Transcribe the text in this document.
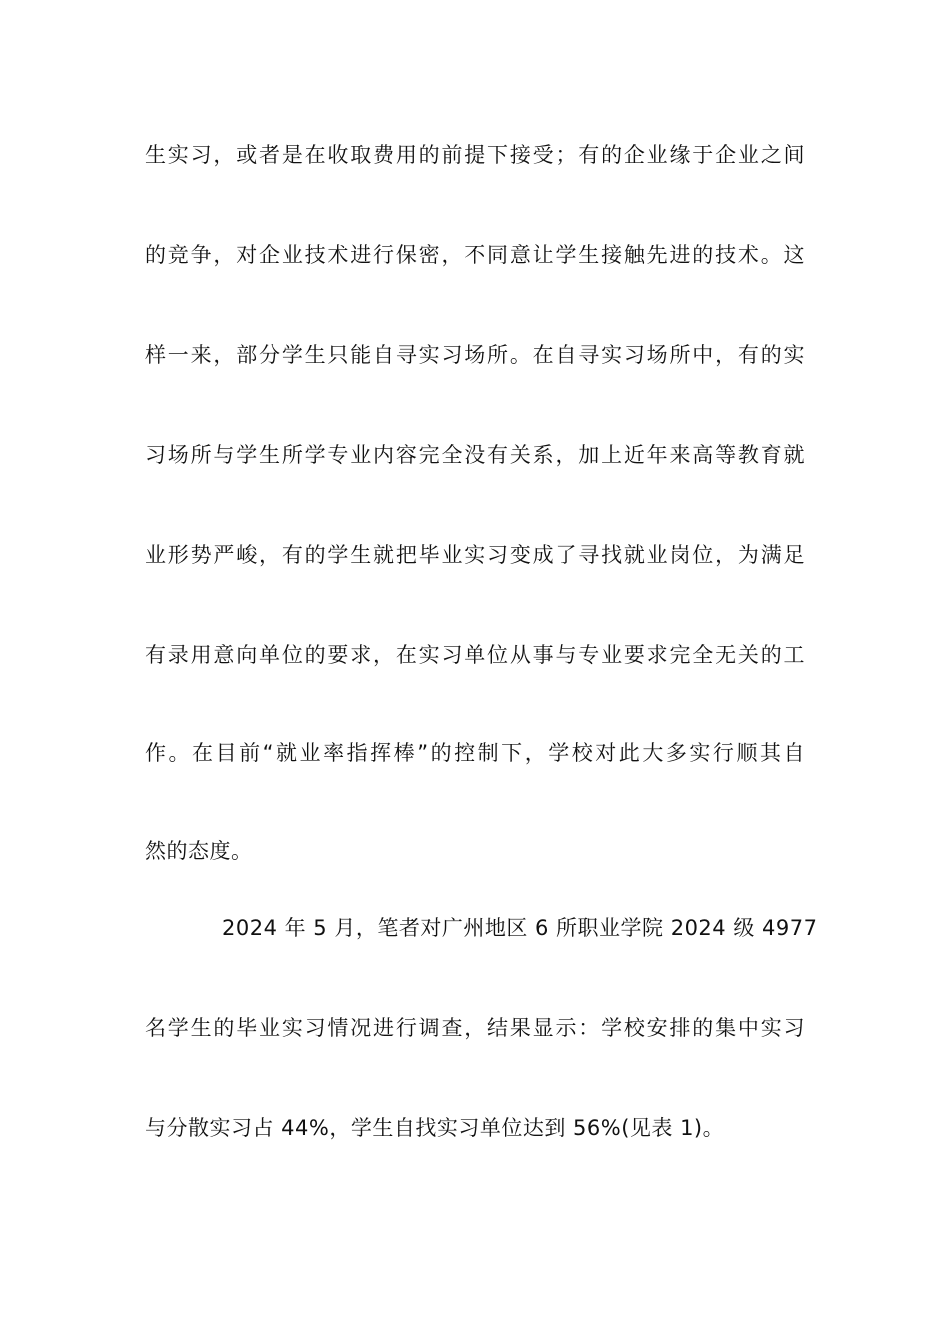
生实习，或者是在收取费用的前提下接受；有的企业缘于企业之间
的竞争，对企业技术进行保密，不同意让学生接触先进的技术。这
样一来，部分学生只能自寻实习场所。在自寻实习场所中，有的实
习场所与学生所学专业内容完全没有关系，加上近年来高等教育就
业形势严峻，有的学生就把毕业实习变成了寻找就业岗位，为满足
有录用意向单位的要求，在实习单位从事与专业要求完全无关的工
作。在目前“就业率指挥棒”的控制下，学校对此大多实行顺其自
然的态度。
2024 年 5 月，笔者对广州地区 6 所职业学院 2024 级 4977
名学生的毕业实习情况进行调查，结果显示：学校安排的集中实习
与分散实习占 44%，学生自找实习单位达到 56%(见表 1)。
